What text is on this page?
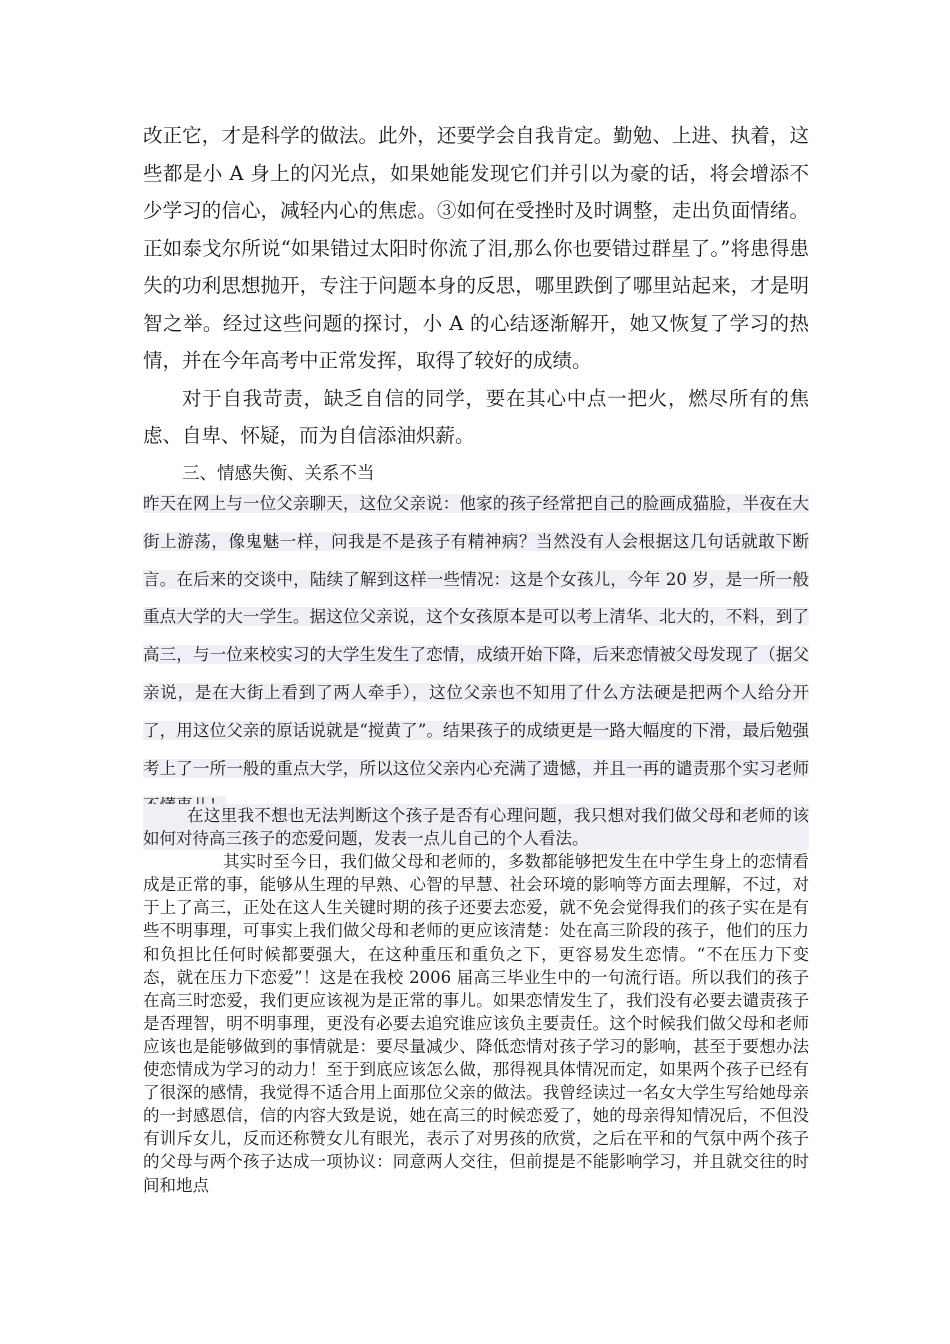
改正它，才是科学的做法。此外，还要学会自我肯定。勤勉、上进、执着，这些都是小 A 身上的闪光点，如果她能发现它们并引以为豪的话，将会增添不少学习的信心，减轻内心的焦虑。③如何在受挫时及时调整，走出负面情绪。正如泰戈尔所说“如果错过太阳时你流了泪,那么你也要错过群星了。”将患得患失的功利思想抛开，专注于问题本身的反思，哪里跌倒了哪里站起来，才是明智之举。经过这些问题的探讨，小 A 的心结逐渐解开，她又恢复了学习的热情，并在今年高考中正常发挥，取得了较好的成绩。

对于自我苛责，缺乏自信的同学，要在其心中点一把火，燃尽所有的焦虑、自卑、怀疑，而为自信添油炽薪。

三、情感失衡、关系不当

昨天在网上与一位父亲聊天，这位父亲说：他家的孩子经常把自己的脸画成猫脸，半夜在大街上游荡，像鬼魅一样，问我是不是孩子有精神病？当然没有人会根据这几句话就敢下断言。在后来的交谈中，陆续了解到这样一些情况：这是个女孩儿，今年 20 岁，是一所一般重点大学的大一学生。据这位父亲说，这个女孩原本是可以考上清华、北大的，不料，到了高三，与一位来校实习的大学生发生了恋情，成绩开始下降，后来恋情被父母发现了（据父亲说，是在大街上看到了两人牵手），这位父亲也不知用了什么方法硬是把两个人给分开了，用这位父亲的原话说就是“搅黄了”。结果孩子的成绩更是一路大幅度的下滑，最后勉强考上了一所一般的重点大学，所以这位父亲内心充满了遗憾，并且一再的谴责那个实习老师

在这里我不想也无法判断这个孩子是否有心理问题，我只想对我们做父母和老师的该如何对待高三孩子的恋爱问题，发表一点儿自己的个人看法。

其实时至今日，我们做父母和老师的，多数都能够把发生在中学生身上的恋情看成是正常的事，能够从生理的早熟、心智的早慧、社会环境的影响等方面去理解，不过，对于上了高三，正处在这人生关键时期的孩子还要去恋爱，就不免会觉得我们的孩子实在是有些不明事理，可事实上我们做父母和老师的更应该清楚：处在高三阶段的孩子，他们的压力和负担比任何时候都要强大，在这种重压和重负之下，更容易发生恋情。“不在压力下变态，就在压力下恋爱”！这是在我校 2006 届高三毕业生中的一句流行语。所以我们的孩子在高三时恋爱，我们更应该视为是正常的事儿。如果恋情发生了，我们没有必要去谴责孩子是否理智，明不明事理，更没有必要去追究谁应该负主要责任。这个时候我们做父母和老师应该也是能够做到的事情就是：要尽量减少、降低恋情对孩子学习的影响，甚至于要想办法使恋情成为学习的动力！至于到底应该怎么做，那得视具体情况而定，如果两个孩子已经有了很深的感情，我觉得不适合用上面那位父亲的做法。我曾经读过一名女大学生写给她母亲的一封感恩信，信的内容大致是说，她在高三的时候恋爱了，她的母亲得知情况后，不但没有训斥女儿，反而还称赞女儿有眼光，表示了对男孩的欣赏，之后在平和的气氛中两个孩子的父母与两个孩子达成一项协议：同意两人交往，但前提是不能影响学习，并且就交往的时间和地点
